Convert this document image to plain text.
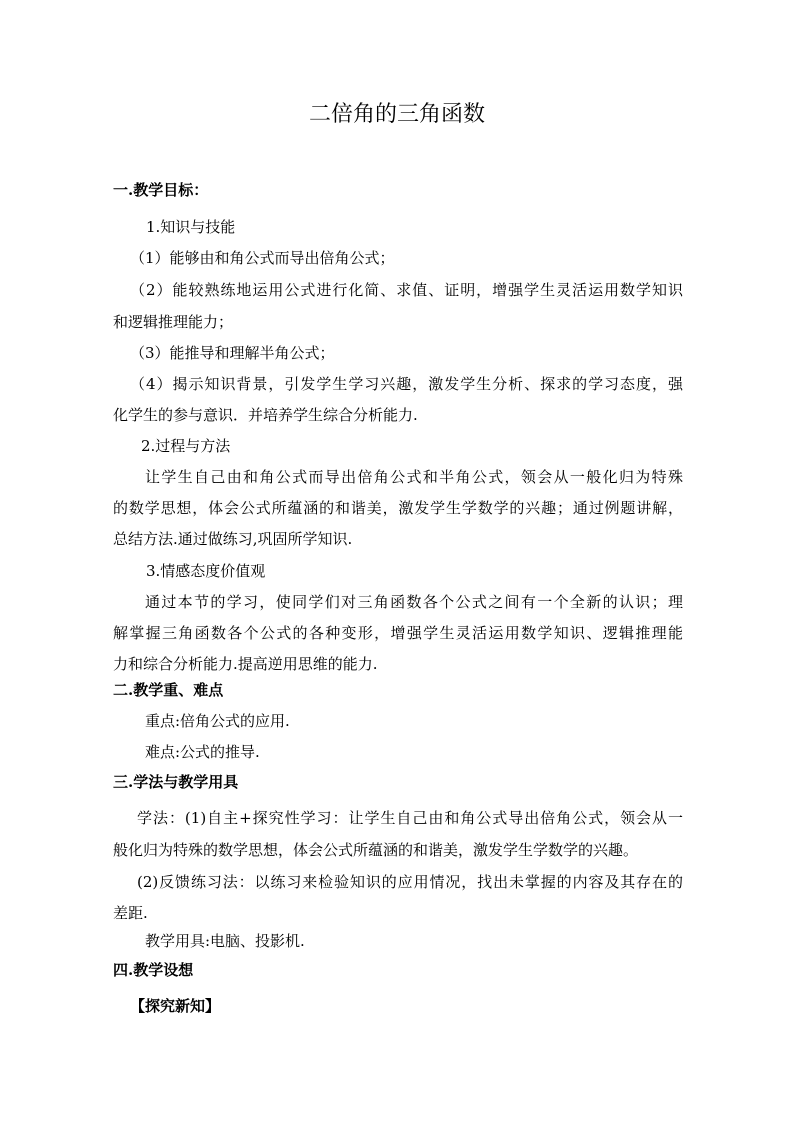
二倍角的三角函数
一.教学目标：
1.知识与技能
（1）能够由和角公式而导出倍角公式；
（2）能较熟练地运用公式进行化简、求值、证明，增强学生灵活运用数学知识
和逻辑推理能力；
（3）能推导和理解半角公式；
（4）揭示知识背景，引发学生学习兴趣，激发学生分析、探求的学习态度，强
化学生的参与意识．并培养学生综合分析能力.
2.过程与方法
让学生自己由和角公式而导出倍角公式和半角公式，领会从一般化归为特殊
的数学思想，体会公式所蕴涵的和谐美，激发学生学数学的兴趣；通过例题讲解，
总结方法.通过做练习,巩固所学知识.
3.情感态度价值观
通过本节的学习，使同学们对三角函数各个公式之间有一个全新的认识；理
解掌握三角函数各个公式的各种变形，增强学生灵活运用数学知识、逻辑推理能
力和综合分析能力.提高逆用思维的能力.
二.教学重、难点
重点:倍角公式的应用.
难点:公式的推导.
三.学法与教学用具
学法：(1)自主+探究性学习：让学生自己由和角公式导出倍角公式，领会从一
般化归为特殊的数学思想，体会公式所蕴涵的和谐美，激发学生学数学的兴趣。
(2)反馈练习法：以练习来检验知识的应用情况，找出未掌握的内容及其存在的
差距.
教学用具:电脑、投影机.
四.教学设想
【探究新知】
